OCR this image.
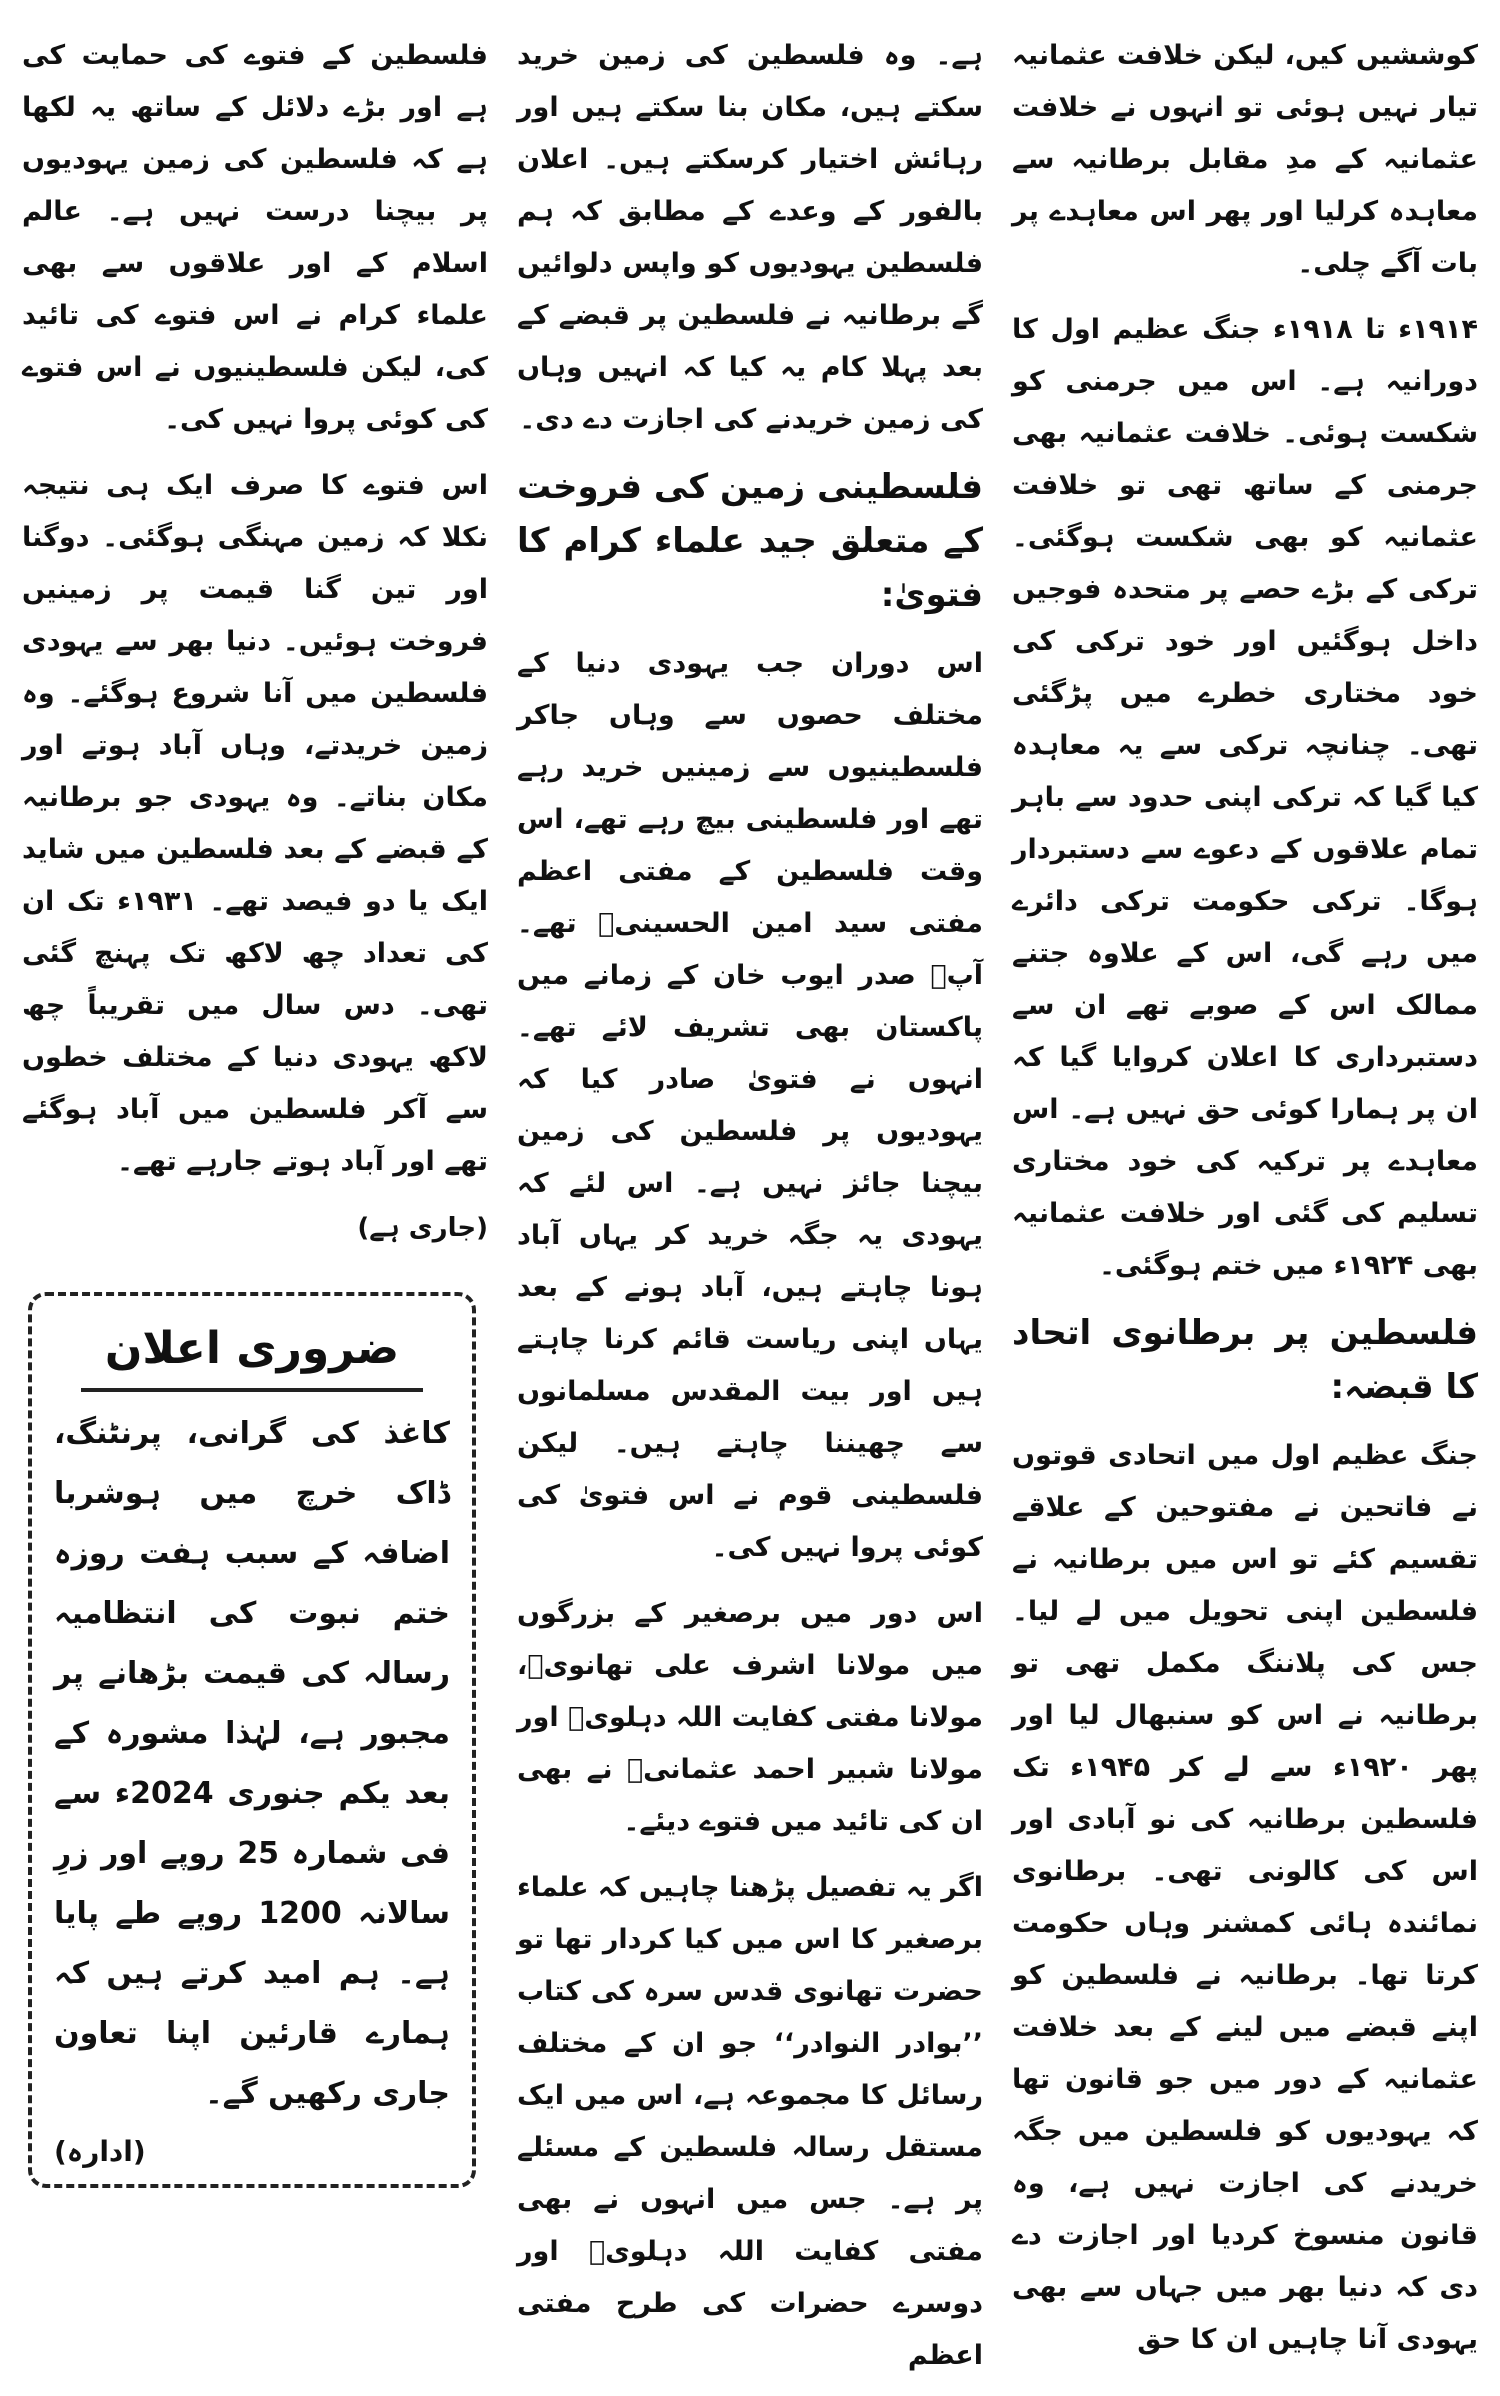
کوششیں کیں، لیکن خلافت عثمانیہ تیار نہیں ہوئی تو انہوں نے خلافت عثمانیہ کے مدِ مقابل برطانیہ سے معاہدہ کرلیا اور پھر اس معاہدے پر بات آگے چلی۔

۱۹۱۴ء تا ۱۹۱۸ء جنگ عظیم اول کا دورانیہ ہے۔ اس میں جرمنی کو شکست ہوئی۔ خلافت عثمانیہ بھی جرمنی کے ساتھ تھی تو خلافت عثمانیہ کو بھی شکست ہوگئی۔ ترکی کے بڑے حصے پر متحدہ فوجیں داخل ہوگئیں اور خود ترکی کی خود مختاری خطرے میں پڑگئی تھی۔ چنانچہ ترکی سے یہ معاہدہ کیا گیا کہ ترکی اپنی حدود سے باہر تمام علاقوں کے دعوے سے دستبردار ہوگا۔ ترکی حکومت ترکی دائرے میں رہے گی، اس کے علاوہ جتنے ممالک اس کے صوبے تھے ان سے دستبرداری کا اعلان کروایا گیا کہ ان پر ہمارا کوئی حق نہیں ہے۔ اس معاہدے پر ترکیہ کی خود مختاری تسلیم کی گئی اور خلافت عثمانیہ بھی ۱۹۲۴ء میں ختم ہوگئی۔

فلسطین پر برطانوی اتحاد کا قبضہ:

جنگ عظیم اول میں اتحادی قوتوں نے فاتحین نے مفتوحین کے علاقے تقسیم کئے تو اس میں برطانیہ نے فلسطین اپنی تحویل میں لے لیا۔ جس کی پلاننگ مکمل تھی تو برطانیہ نے اس کو سنبھال لیا اور پھر ۱۹۲۰ء سے لے کر ۱۹۴۵ء تک فلسطین برطانیہ کی نو آبادی اور اس کی کالونی تھی۔ برطانوی نمائندہ ہائی کمشنر وہاں حکومت کرتا تھا۔ برطانیہ نے فلسطین کو اپنے قبضے میں لینے کے بعد خلافت عثمانیہ کے دور میں جو قانون تھا کہ یہودیوں کو فلسطین میں جگہ خریدنے کی اجازت نہیں ہے، وہ قانون منسوخ کردیا اور اجازت دے دی کہ دنیا بھر میں جہاں سے بھی یہودی آنا چاہیں ان کا حق

ہے۔ وہ فلسطین کی زمین خرید سکتے ہیں، مکان بنا سکتے ہیں اور رہائش اختیار کرسکتے ہیں۔ اعلان بالفور کے وعدے کے مطابق کہ ہم فلسطین یہودیوں کو واپس دلوائیں گے برطانیہ نے فلسطین پر قبضے کے بعد پہلا کام یہ کیا کہ انہیں وہاں کی زمین خریدنے کی اجازت دے دی۔

فلسطینی زمین کی فروخت کے متعلق جید علماء کرام کا فتویٰ:

اس دوران جب یہودی دنیا کے مختلف حصوں سے وہاں جاکر فلسطینیوں سے زمینیں خرید رہے تھے اور فلسطینی بیچ رہے تھے، اس وقت فلسطین کے مفتی اعظم مفتی سید امین الحسینیؒ تھے۔ آپؒ صدر ایوب خان کے زمانے میں پاکستان بھی تشریف لائے تھے۔ انہوں نے فتویٰ صادر کیا کہ یہودیوں پر فلسطین کی زمین بیچنا جائز نہیں ہے۔ اس لئے کہ یہودی یہ جگہ خرید کر یہاں آباد ہونا چاہتے ہیں، آباد ہونے کے بعد یہاں اپنی ریاست قائم کرنا چاہتے ہیں اور بیت المقدس مسلمانوں سے چھیننا چاہتے ہیں۔ لیکن فلسطینی قوم نے اس فتویٰ کی کوئی پروا نہیں کی۔

اس دور میں برصغیر کے بزرگوں میں مولانا اشرف علی تھانویؒ، مولانا مفتی کفایت اللہ دہلویؒ اور مولانا شبیر احمد عثمانیؒ نے بھی ان کی تائید میں فتوے دیئے۔

اگر یہ تفصیل پڑھنا چاہیں کہ علماء برصغیر کا اس میں کیا کردار تھا تو حضرت تھانوی قدس سرہ کی کتاب ’’بوادر النوادر‘‘ جو ان کے مختلف رسائل کا مجموعہ ہے، اس میں ایک مستقل رسالہ فلسطین کے مسئلے پر ہے۔ جس میں انہوں نے بھی مفتی کفایت اللہ دہلویؒ اور دوسرے حضرات کی طرح مفتی اعظم

فلسطین کے فتوے کی حمایت کی ہے اور بڑے دلائل کے ساتھ یہ لکھا ہے کہ فلسطین کی زمین یہودیوں پر بیچنا درست نہیں ہے۔ عالم اسلام کے اور علاقوں سے بھی علماء کرام نے اس فتوے کی تائید کی، لیکن فلسطینیوں نے اس فتوے کی کوئی پروا نہیں کی۔

اس فتوے کا صرف ایک ہی نتیجہ نکلا کہ زمین مہنگی ہوگئی۔ دوگنا اور تین گنا قیمت پر زمینیں فروخت ہوئیں۔ دنیا بھر سے یہودی فلسطین میں آنا شروع ہوگئے۔ وہ زمین خریدتے، وہاں آباد ہوتے اور مکان بناتے۔ وہ یہودی جو برطانیہ کے قبضے کے بعد فلسطین میں شاید ایک یا دو فیصد تھے۔ ۱۹۳۱ء تک ان کی تعداد چھ لاکھ تک پہنچ گئی تھی۔ دس سال میں تقریباً چھ لاکھ یہودی دنیا کے مختلف خطوں سے آکر فلسطین میں آباد ہوگئے تھے اور آباد ہوتے جارہے تھے۔

(جاری ہے)

ضروری اعلان

کاغذ کی گرانی، پرنٹنگ، ڈاک خرچ میں ہوشربا اضافہ کے سبب ہفت روزہ ختم نبوت کی انتظامیہ رسالہ کی قیمت بڑھانے پر مجبور ہے، لہٰذا مشورہ کے بعد یکم جنوری 2024ء سے فی شمارہ 25 روپے اور زرِ سالانہ 1200 روپے طے پایا ہے۔ ہم امید کرتے ہیں کہ ہمارے قارئین اپنا تعاون جاری رکھیں گے۔

(ادارہ)
